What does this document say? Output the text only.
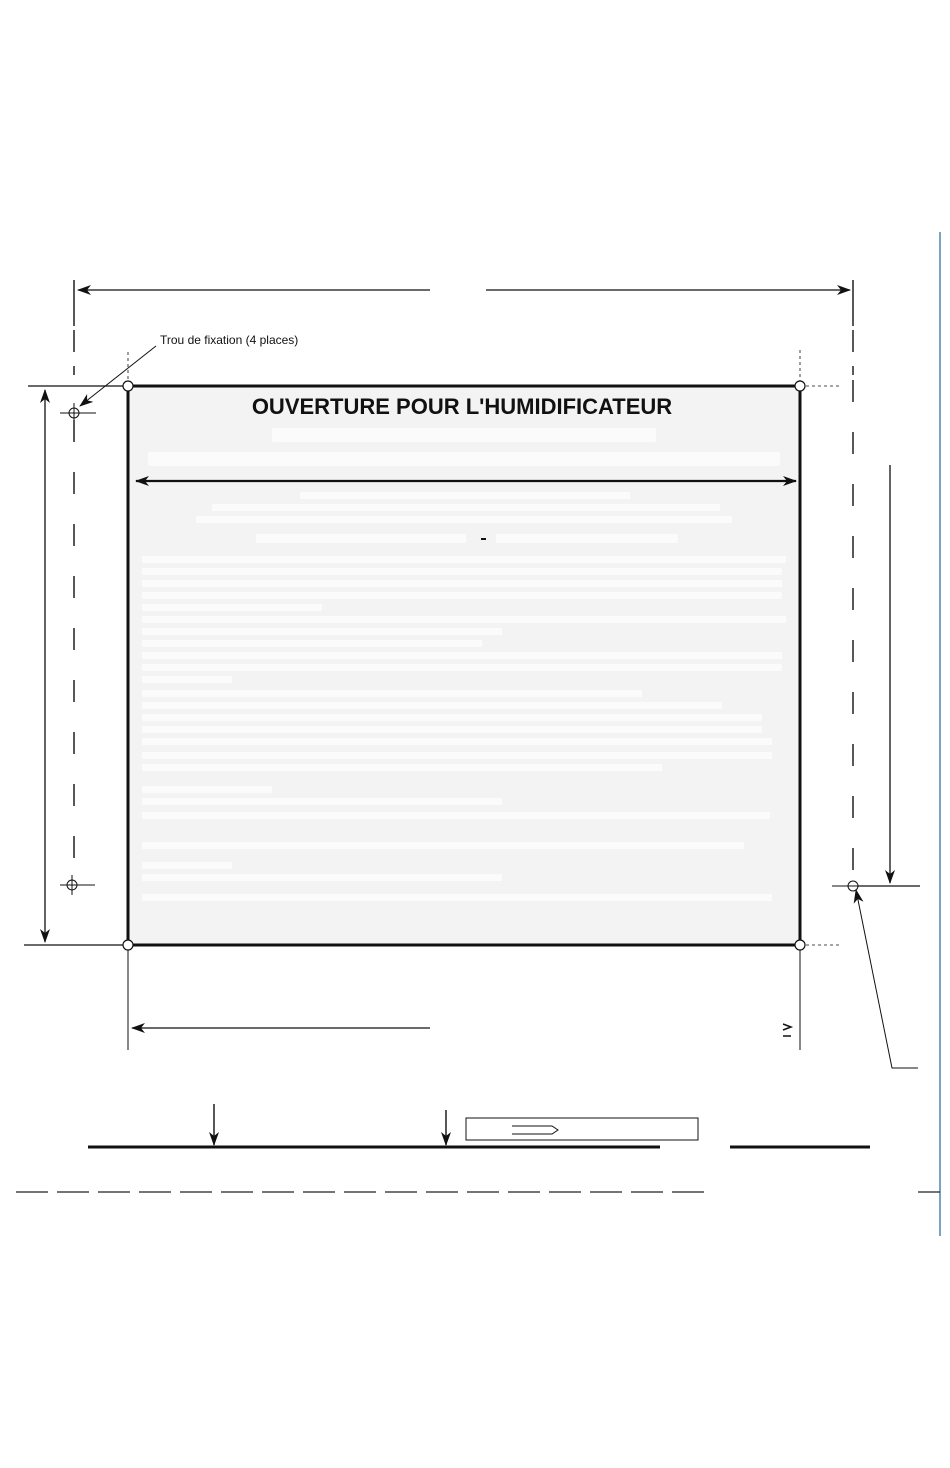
Trou de fixation (4 places)
OUVERTURE POUR L'HUMIDIFICATEUR
